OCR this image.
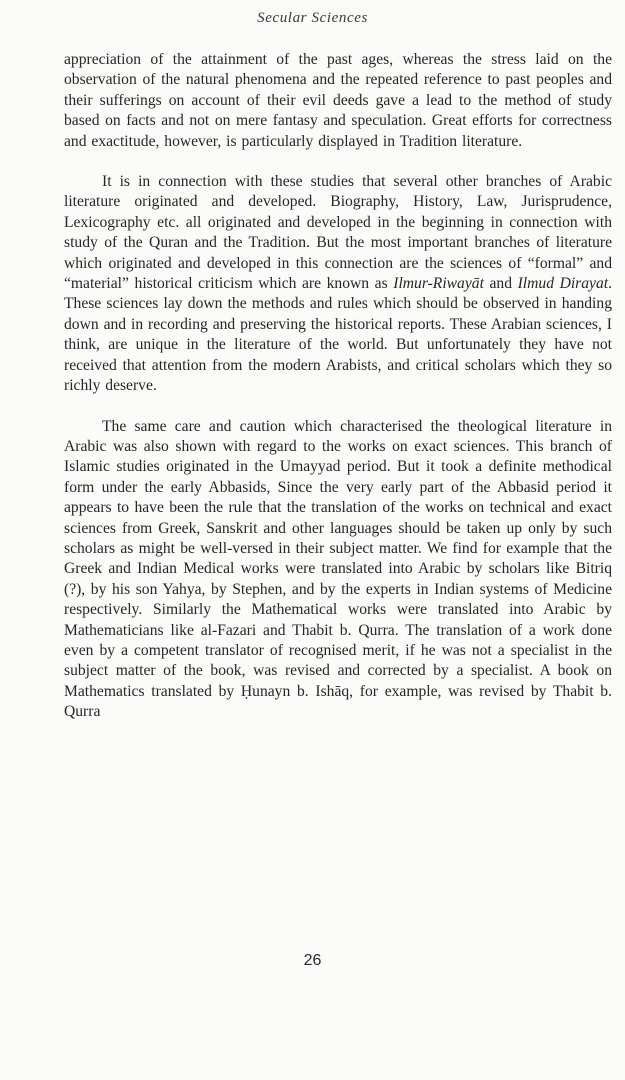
Secular Sciences

appreciation of the attainment of the past ages, whereas the stress laid on the observation of the natural phenomena and the repeated reference to past peoples and their sufferings on account of their evil deeds gave a lead to the method of study based on facts and not on mere fantasy and speculation. Great efforts for correctness and exactitude, however, is particularly displayed in Tradition literature.

It is in connection with these studies that several other branches of Arabic literature originated and developed. Biography, History, Law, Jurisprudence, Lexicography etc. all originated and developed in the beginning in connection with study of the Quran and the Tradition. But the most important branches of literature which originated and developed in this connection are the sciences of “formal” and “material” historical criticism which are known as Ilmur-Riwayāt and Ilmud Dirayat. These sciences lay down the methods and rules which should be observed in handing down and in recording and preserving the historical reports. These Arabian sciences, I think, are unique in the literature of the world. But unfortunately they have not received that attention from the modern Arabists, and critical scholars which they so richly deserve.

The same care and caution which characterised the theological literature in Arabic was also shown with regard to the works on exact sciences. This branch of Islamic studies originated in the Umayyad period. But it took a definite methodical form under the early Abbasids, Since the very early part of the Abbasid period it appears to have been the rule that the translation of the works on technical and exact sciences from Greek, Sanskrit and other languages should be taken up only by such scholars as might be well-versed in their subject matter. We find for example that the Greek and Indian Medical works were translated into Arabic by scholars like Bitriq (?), by his son Yahya, by Stephen, and by the experts in Indian systems of Medicine respectively. Similarly the Mathematical works were translated into Arabic by Mathematicians like al-Fazari and Thabit b. Qurra. The translation of a work done even by a competent translator of recognised merit, if he was not a specialist in the subject matter of the book, was revised and corrected by a specialist. A book on Mathematics translated by Ḥunayn b. Ishāq, for example, was revised by Thabit b. Qurra

26
